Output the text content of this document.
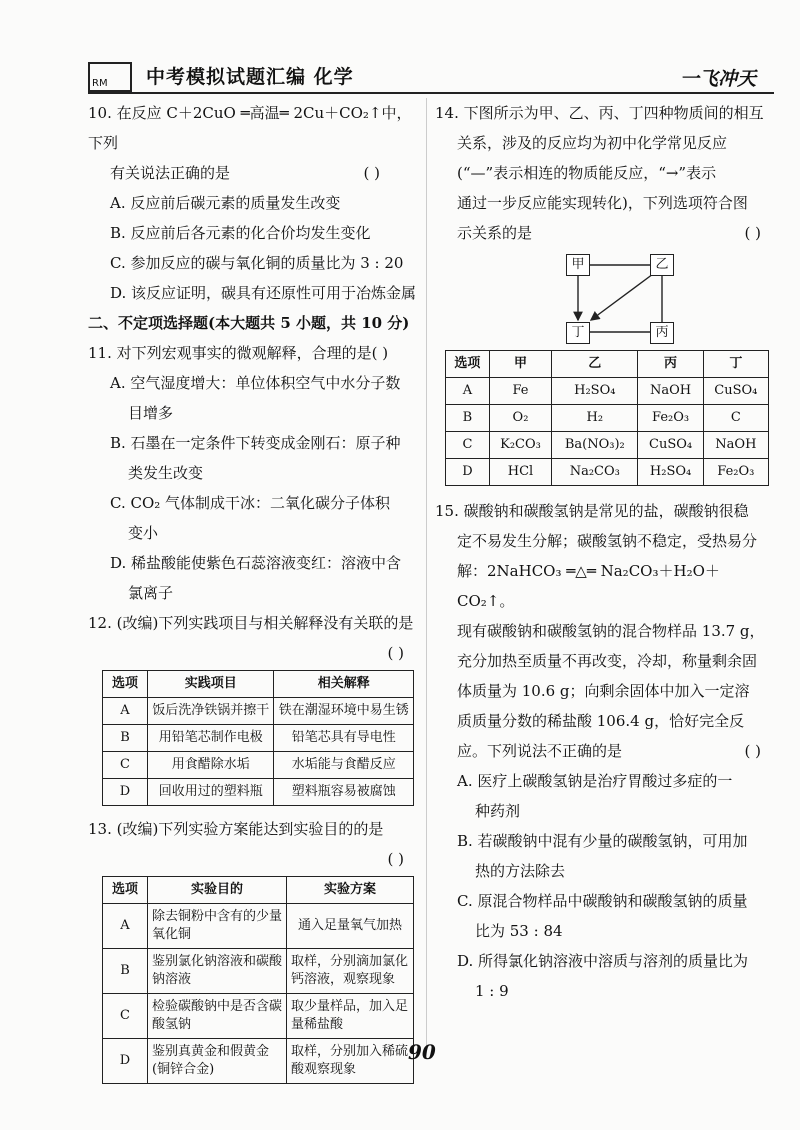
RM 中考模拟试题汇编 化学	一飞冲天

10. 在反应 C＋2CuO ═高温═ 2Cu＋CO₂↑中，下列

有关说法正确的是	( )

A. 反应前后碳元素的质量发生改变

B. 反应前后各元素的化合价均发生变化

C. 参加反应的碳与氧化铜的质量比为 3 : 20

D. 该反应证明，碳具有还原性可用于冶炼金属

二、不定项选择题(本大题共 5 小题，共 10 分)

11. 对下列宏观事实的微观解释，合理的是( )

A. 空气湿度增大：单位体积空气中水分子数

目增多

B. 石墨在一定条件下转变成金刚石：原子种

类发生改变

C. CO₂ 气体制成干冰：二氧化碳分子体积

变小

D. 稀盐酸能使紫色石蕊溶液变红：溶液中含

氯离子

12. (改编)下列实践项目与相关解释没有关联的是

( )

选项	实践项目	相关解释
A	饭后洗净铁锅并擦干	铁在潮湿环境中易生锈
B	用铅笔芯制作电极	铅笔芯具有导电性
C	用食醋除水垢	水垢能与食醋反应
D	回收用过的塑料瓶	塑料瓶容易被腐蚀

13. (改编)下列实验方案能达到实验目的的是

( )

选项	实验目的	实验方案
A	除去铜粉中含有的少量氧化铜	通入足量氧气加热
B	鉴别氯化钠溶液和碳酸钠溶液	取样，分别滴加氯化钙溶液，观察现象
C	检验碳酸钠中是否含碳酸氢钠	取少量样品，加入足量稀盐酸
D	鉴别真黄金和假黄金(铜锌合金)	取样，分别加入稀硫酸观察现象

14. 下图所示为甲、乙、丙、丁四种物质间的相互

关系，涉及的反应均为初中化学常见反应

(“—”表示相连的物质能反应，“→”表示

通过一步反应能实现转化)，下列选项符合图

示关系的是	( )

甲	乙
丁	丙
选项	甲	乙	丙	丁
A	Fe	H₂SO₄	NaOH	CuSO₄
B	O₂	H₂	Fe₂O₃	C
C	K₂CO₃	Ba(NO₃)₂	CuSO₄	NaOH
D	HCl	Na₂CO₃	H₂SO₄	Fe₂O₃

15. 碳酸钠和碳酸氢钠是常见的盐，碳酸钠很稳

定不易发生分解；碳酸氢钠不稳定，受热易分

解：2NaHCO₃ ═△═ Na₂CO₃＋H₂O＋CO₂↑。

现有碳酸钠和碳酸氢钠的混合物样品 13.7 g，

充分加热至质量不再改变，冷却，称量剩余固

体质量为 10.6 g；向剩余固体中加入一定溶

质质量分数的稀盐酸 106.4 g，恰好完全反

应。下列说法不正确的是	( )

A. 医疗上碳酸氢钠是治疗胃酸过多症的一

种药剂

B. 若碳酸钠中混有少量的碳酸氢钠，可用加

热的方法除去

C. 原混合物样品中碳酸钠和碳酸氢钠的质量

比为 53 : 84

D. 所得氯化钠溶液中溶质与溶剂的质量比为

1 : 9

90
